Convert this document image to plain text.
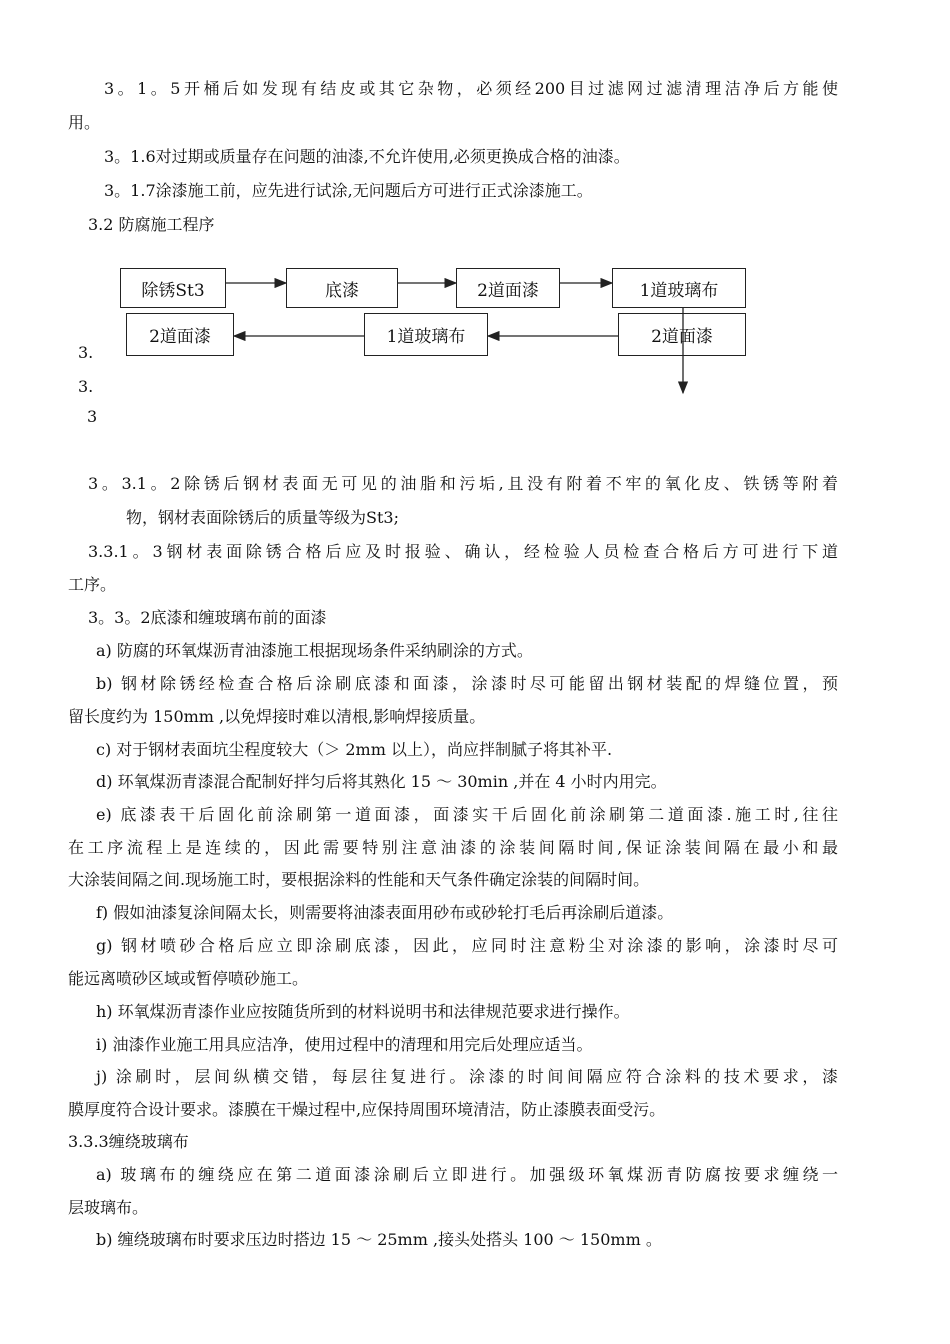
3。1。5开桶后如发现有结皮或其它杂物，必须经200目过滤网过滤清理洁净后方能使
用。
3。1.6对过期或质量存在问题的油漆,不允许使用,必须更换成合格的油漆。
3。1.7涂漆施工前，应先进行试涂,无问题后方可进行正式涂漆施工。
3.2 防腐施工程序
除锈St3	底漆	2道面漆	1道玻璃布
2道面漆
1道玻璃布
2道面漆
3.
3.
3
3。3.1。2除锈后钢材表面无可见的油脂和污垢,且没有附着不牢的氧化皮、铁锈等附着
物，钢材表面除锈后的质量等级为St3;
3.3.1。3钢材表面除锈合格后应及时报验、确认，经检验人员检查合格后方可进行下道
工序。
3。3。2底漆和缠玻璃布前的面漆
a) 防腐的环氧煤沥青油漆施工根据现场条件采纳刷涂的方式。
b) 钢材除锈经检查合格后涂刷底漆和面漆，涂漆时尽可能留出钢材装配的焊缝位置，预
留长度约为 150mm ,以免焊接时难以清根,影响焊接质量。
c) 对于钢材表面坑尘程度较大（＞ 2mm 以上），尚应拌制腻子将其补平.
d) 环氧煤沥青漆混合配制好拌匀后将其熟化 15 ～ 30min ,并在 4 小时内用完。
e) 底漆表干后固化前涂刷第一道面漆，面漆实干后固化前涂刷第二道面漆.施工时,往往
在工序流程上是连续的，因此需要特别注意油漆的涂装间隔时间,保证涂装间隔在最小和最
大涂装间隔之间.现场施工时，要根据涂料的性能和天气条件确定涂装的间隔时间。
f) 假如油漆复涂间隔太长，则需要将油漆表面用砂布或砂轮打毛后再涂刷后道漆。
g) 钢材喷砂合格后应立即涂刷底漆，因此，应同时注意粉尘对涂漆的影响，涂漆时尽可
能远离喷砂区域或暂停喷砂施工。
h) 环氧煤沥青漆作业应按随货所到的材料说明书和法律规范要求进行操作。
i) 油漆作业施工用具应洁净，使用过程中的清理和用完后处理应适当。
j) 涂刷时，层间纵横交错，每层往复进行。涂漆的时间间隔应符合涂料的技术要求，漆
膜厚度符合设计要求。漆膜在干燥过程中,应保持周围环境清洁，防止漆膜表面受污。
3.3.3缠绕玻璃布
a) 玻璃布的缠绕应在第二道面漆涂刷后立即进行。加强级环氧煤沥青防腐按要求缠绕一
层玻璃布。
b) 缠绕玻璃布时要求压边时搭边 15 ～ 25mm ,接头处搭头 100 ～ 150mm 。
